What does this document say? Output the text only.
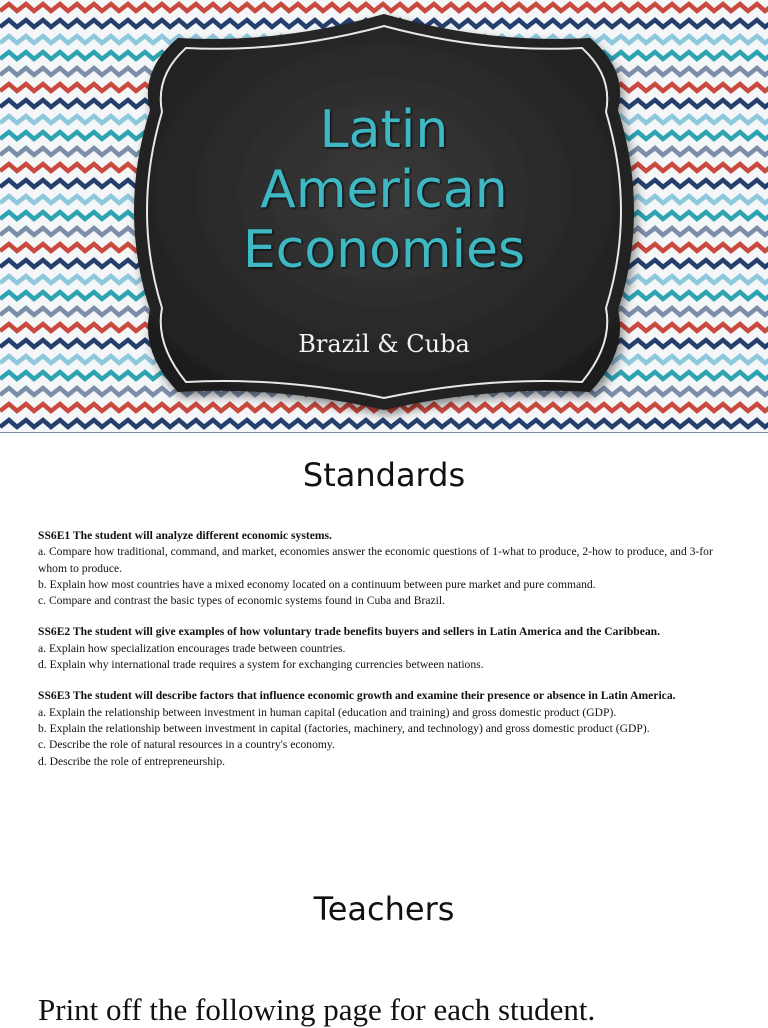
Latin
American
Economies
Brazil & Cuba
Standards

SS6E1 The student will analyze different economic systems.
a. Compare how traditional, command, and market, economies answer the economic questions of 1-what to produce, 2-how to produce, and 3-for whom to produce.
b. Explain how most countries have a mixed economy located on a continuum between pure market and pure command.
c. Compare and contrast the basic types of economic systems found in Cuba and Brazil.

SS6E2 The student will give examples of how voluntary trade benefits buyers and sellers in Latin America and the Caribbean.
a. Explain how specialization encourages trade between countries.
d. Explain why international trade requires a system for exchanging currencies between nations.

SS6E3 The student will describe factors that influence economic growth and examine their presence or absence in Latin America.
a. Explain the relationship between investment in human capital (education and training) and gross domestic product (GDP).
b. Explain the relationship between investment in capital (factories, machinery, and technology) and gross domestic product (GDP).
c. Describe the role of natural resources in a country's economy.
d. Describe the role of entrepreneurship.

Teachers
Print off the following page for each student.
